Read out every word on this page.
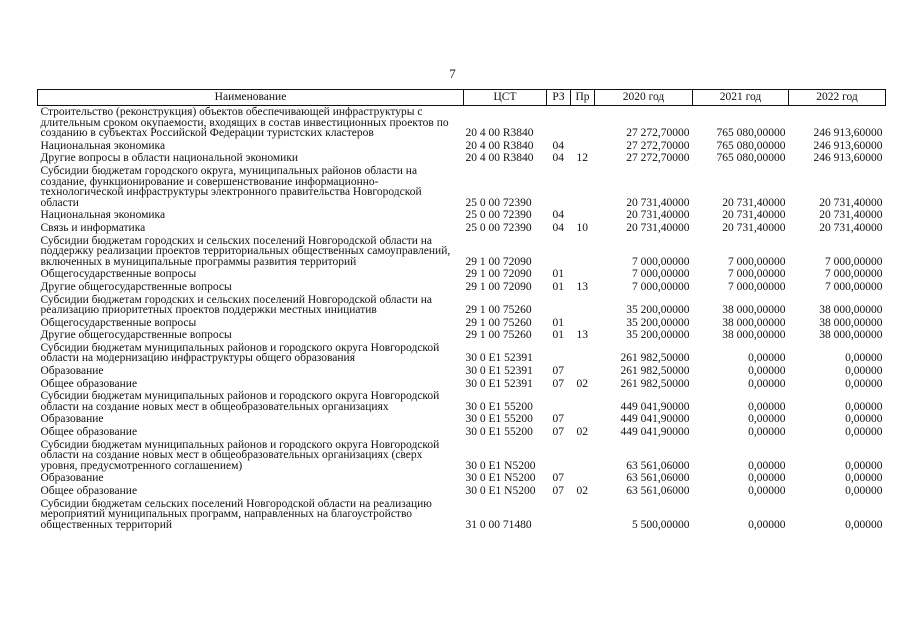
7
Наименование	ЦСТ	РЗ	Пр	2020 год	2021 год	2022 год
Строительство (реконструкция) объектов обеспечивающей инфраструктуры с длительным сроком окупаемости, входящих в состав инвестиционных проектов по созданию в субъектах Российской Федерации туристских кластеров	20 4 00 R3840			27 272,70000	765 080,00000	246 913,60000
Национальная экономика	20 4 00 R3840	04		27 272,70000	765 080,00000	246 913,60000
Другие вопросы в области национальной экономики	20 4 00 R3840	04	12	27 272,70000	765 080,00000	246 913,60000
Субсидии бюджетам городского округа, муниципальных районов области на создание, функционирование и совершенствование информационно-технологической инфраструктуры электронного правительства Новгородской области	25 0 00 72390			20 731,40000	20 731,40000	20 731,40000
Национальная экономика	25 0 00 72390	04		20 731,40000	20 731,40000	20 731,40000
Связь и информатика	25 0 00 72390	04	10	20 731,40000	20 731,40000	20 731,40000
Субсидии бюджетам городских и сельских поселений Новгородской области на поддержку реализации проектов территориальных общественных самоуправлений, включенных в муниципальные программы развития территорий	29 1 00 72090			7 000,00000	7 000,00000	7 000,00000
Общегосударственные вопросы	29 1 00 72090	01		7 000,00000	7 000,00000	7 000,00000
Другие общегосударственные вопросы	29 1 00 72090	01	13	7 000,00000	7 000,00000	7 000,00000
Субсидии бюджетам городских и сельских поселений Новгородской области на реализацию приоритетных проектов поддержки местных инициатив	29 1 00 75260			35 200,00000	38 000,00000	38 000,00000
Общегосударственные вопросы	29 1 00 75260	01		35 200,00000	38 000,00000	38 000,00000
Другие общегосударственные вопросы	29 1 00 75260	01	13	35 200,00000	38 000,00000	38 000,00000
Субсидии бюджетам муниципальных районов и городского округа Новгородской области на модернизацию инфраструктуры общего образования	30 0 E1 52391			261 982,50000	0,00000	0,00000
Образование	30 0 E1 52391	07		261 982,50000	0,00000	0,00000
Общее образование	30 0 E1 52391	07	02	261 982,50000	0,00000	0,00000
Субсидии бюджетам муниципальных районов и городского округа Новгородской области на создание новых мест в общеобразовательных организациях	30 0 E1 55200			449 041,90000	0,00000	0,00000
Образование	30 0 E1 55200	07		449 041,90000	0,00000	0,00000
Общее образование	30 0 E1 55200	07	02	449 041,90000	0,00000	0,00000
Субсидии бюджетам муниципальных районов и городского округа Новгородской области на создание новых мест в общеобразовательных организациях (сверх уровня, предусмотренного соглашением)	30 0 E1 N5200			63 561,06000	0,00000	0,00000
Образование	30 0 E1 N5200	07		63 561,06000	0,00000	0,00000
Общее образование	30 0 E1 N5200	07	02	63 561,06000	0,00000	0,00000
Субсидии бюджетам сельских поселений Новгородской области на реализацию мероприятий муниципальных программ, направленных на благоустройство общественных территорий	31 0 00 71480			5 500,00000	0,00000	0,00000
